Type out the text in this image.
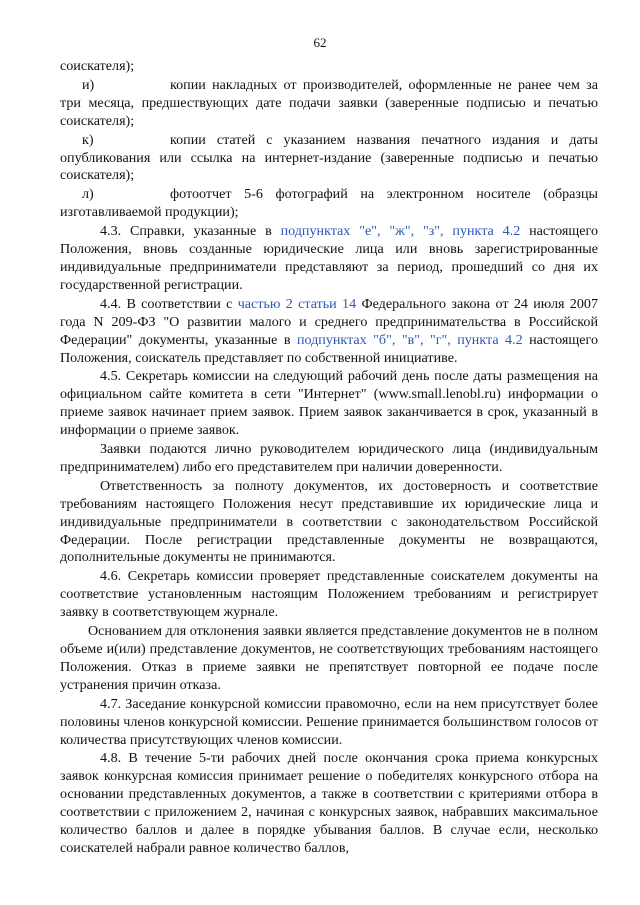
62

соискателя);

и)	копии накладных от производителей, оформленные не ранее чем за три месяца, предшествующих дате подачи заявки (заверенные подписью и печатью соискателя);

к)	копии статей с указанием названия печатного издания и даты опубликования или ссылка на интернет-издание (заверенные подписью и печатью соискателя);

л)	фотоотчет 5-6 фотографий на электронном носителе (образцы изготавливаемой продукции);

4.3. Справки, указанные в подпунктах "е", "ж", "з", пункта 4.2 настоящего Положения, вновь созданные юридические лица или вновь зарегистрированные индивидуальные предприниматели представляют за период, прошедший со дня их государственной регистрации.

4.4. В соответствии с частью 2 статьи 14 Федерального закона от 24 июля 2007 года N 209-ФЗ "О развитии малого и среднего предпринимательства в Российской Федерации" документы, указанные в подпунктах "б", "в", "г", пункта 4.2 настоящего Положения, соискатель представляет по собственной инициативе.

4.5. Секретарь комиссии на следующий рабочий день после даты размещения на официальном сайте комитета в сети "Интернет" (www.small.lenobl.ru) информации о приеме заявок начинает прием заявок. Прием заявок заканчивается в срок, указанный в информации о приеме заявок.

Заявки подаются лично руководителем юридического лица (индивидуальным предпринимателем) либо его представителем при наличии доверенности.

Ответственность за полноту документов, их достоверность и соответствие требованиям настоящего Положения несут представившие их юридические лица и индивидуальные предприниматели в соответствии с законодательством Российской Федерации. После регистрации представленные документы не возвращаются, дополнительные документы не принимаются.

4.6. Секретарь комиссии проверяет представленные соискателем документы на соответствие установленным настоящим Положением требованиям и регистрирует заявку в соответствующем журнале.

Основанием для отклонения заявки является представление документов не в полном объеме и(или) представление документов, не соответствующих требованиям настоящего Положения. Отказ в приеме заявки не препятствует повторной ее подаче после устранения причин отказа.

4.7. Заседание конкурсной комиссии правомочно, если на нем присутствует более половины членов конкурсной комиссии. Решение принимается большинством голосов от количества присутствующих членов комиссии.

4.8. В течение 5-ти рабочих дней после окончания срока приема конкурсных заявок конкурсная комиссия принимает решение о победителях конкурсного отбора на основании представленных документов, а также в соответствии с критериями отбора в соответствии с приложением 2, начиная с конкурсных заявок, набравших максимальное количество баллов и далее в порядке убывания баллов. В случае если, несколько соискателей набрали равное количество баллов,
